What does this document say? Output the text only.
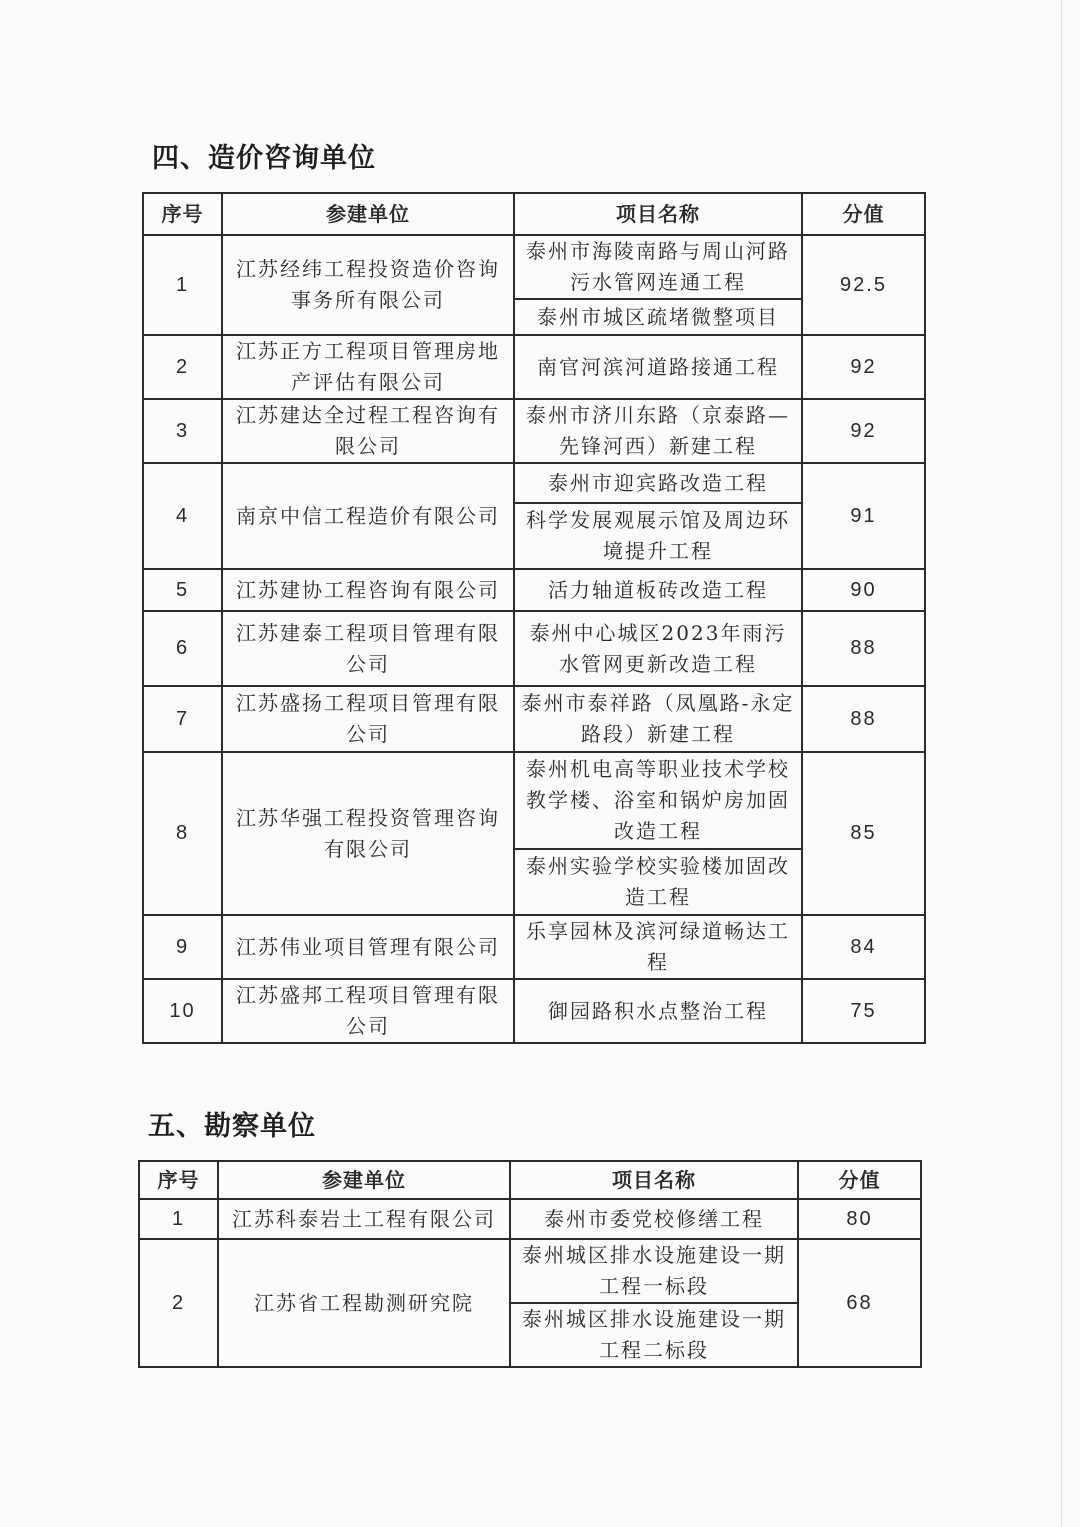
四、造价咨询单位
序号	参建单位	项目名称	分值
1	江苏经纬工程投资造价咨询事务所有限公司	泰州市海陵南路与周山河路污水管网连通工程	92.5
		泰州市城区疏堵微整项目	
2	江苏正方工程项目管理房地产评估有限公司	南官河滨河道路接通工程	92
3	江苏建达全过程工程咨询有限公司	泰州市济川东路（京泰路—先锋河西）新建工程	92
4	南京中信工程造价有限公司	泰州市迎宾路改造工程	91
		科学发展观展示馆及周边环境提升工程	
5	江苏建协工程咨询有限公司	活力轴道板砖改造工程	90
6	江苏建泰工程项目管理有限公司	泰州中心城区2023年雨污水管网更新改造工程	88
7	江苏盛扬工程项目管理有限公司	泰州市泰祥路（凤凰路-永定路段）新建工程	88
8	江苏华强工程投资管理咨询有限公司	泰州机电高等职业技术学校教学楼、浴室和锅炉房加固改造工程	85
		泰州实验学校实验楼加固改造工程	
9	江苏伟业项目管理有限公司	乐享园林及滨河绿道畅达工程	84
10	江苏盛邦工程项目管理有限公司	御园路积水点整治工程	75
五、勘察单位
序号	参建单位	项目名称	分值
1	江苏科泰岩土工程有限公司	泰州市委党校修缮工程	80
2	江苏省工程勘测研究院	泰州城区排水设施建设一期工程一标段	68
		泰州城区排水设施建设一期工程二标段	
